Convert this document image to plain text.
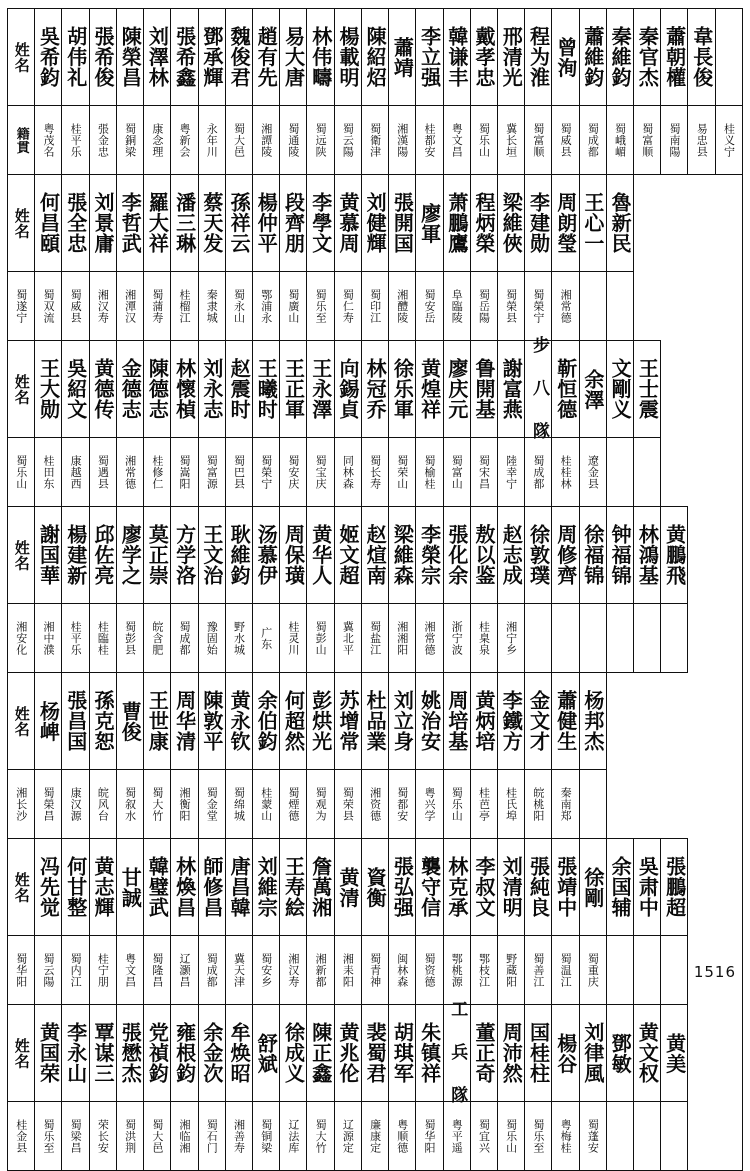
姓名	吳希鈞	胡伟礼	張希俊	陳榮昌	刘澤林	張希鑫	鄧承輝	魏俊君	趙有先	易大唐	林伟疇	楊載明	陳紹炤	蕭靖	李立强	韓谦丰	戴孝忠	邢清光	程为淮	曾洵	蕭維鈞	秦維鈞	秦官杰	蕭朝權	韋長俊	

籍貫	粤茂名	桂平乐	張金忠	蜀銅梁	康念理	粤新会	永年川	蜀大邑	湘譚陵	蜀通陵	蜀远陕	蜀云陽	蜀衛津	湘漢陽	桂都安	粤文昌	蜀乐山	冀长垣	蜀富顺	蜀威县	蜀成都	蜀峨嵋	蜀富顺	蜀南陽	易忠县	桂义宁

姓名	何昌頤	張全忠	刘景庸	李哲武	羅大祥	潘三琳	蔡天发	孫祥云	楊仲平	段齊朋	李學文	黄慕周	刘健輝	張開国	廖軍	萧鵬鷹	程炳榮	梁維俠	李建勋	周朗瑩	王心一	魯新民				

蜀遂宁	蜀双流	蜀威县	湘汉寿	湘潭汉	蜀蒲寿	桂榴江	秦隶城	蜀永山	鄂浦永	蜀廣山	蜀乐至	蜀仁寿	蜀印江	湘醴陵	蜀安岳	阜臨陵	蜀岳陽	蜀榮县	蜀榮宁	湘常德						

姓名	王大勋	吳紹文	黄德传	金德志	陳德志	林懷楨	刘永志	赵震时	王曦时	王正軍	王永澤	向錫貞	林冠乔	徐乐軍	黄煌祥	廖庆元	鲁開基	謝富燕	步 八 隊	靳恒德	余澤	文剛义	王士震			

蜀乐山	桂田东	康越西	蜀遇县	湘常德	桂修仁	蜀嵩阳	蜀富源	蜀巴县	蜀榮宁	蜀安庆	蜀宝庆	同林森	蜀长寿	蜀荣山	蜀榆桂	蜀富山	蜀宋昌	陸幸宁	蜀成都	桂桂林	遼金县					

姓名	謝国華	楊建新	邱佐亮	廖学之	莫正崇	方学洛	王文治	耿維鈞	汤慕伊	周保璜	黄华人	姬文超	赵煊南	梁維森	李榮宗	張化余	敖以鉴	赵志成	徐敦璞	周修齊	徐福锦	钟福锦	林鴻基	黄鵬飛		

湘安化	湘中濮	桂平乐	桂臨桂	蜀彭县	皖含肥	蜀成都	豫固始	野水城	广东	桂灵川	蜀彭山	冀北平	蜀盐江	湘湘阳	湘常德	浙宁波	桂臬泉	湘宁乡								

姓名	杨崥	張昌国	孫克恕	曹俊	王世康	周华清	陳敦平	黄永钦	余伯鈞	何超然	彭烘光	苏增常	杜品業	刘立身	姚治安	周培基	黄炳培	李鐵方	金文才	蕭健生	杨邦杰					

湘长沙	蜀榮昌	康汉源	皖风台	蜀叙水	蜀大竹	湘衡阳	蜀金堂	蜀绵城	桂蒙山	蜀煙德	蜀观为	蜀荣县	湘资德	蜀都安	粤兴学	蜀乐山	桂芭亭	桂氏埠	皖桃阳	秦南郑						

姓名	冯先觉	何甘整	黄志輝	甘誠	韓璧武	林煥昌	師修昌	唐昌韓	刘維宗	王寿絵	詹萬湘	黄清	資衡	張弘强	襲守信	林克承	李叔文	刘清明	張純良	張靖中	徐剛	余国辅	吳肃中	張鵬超		

蜀华阳	蜀云陽	蜀内江	桂宁朋	粤文昌	蜀隆昌	辽灏昌	蜀成都	冀天津	蜀安乡	湘汉寿	湘新都	湘耒阳	蜀青神	闽林森	蜀资德	鄂桃源	鄂枝江	野蔵阳	蜀善江	蜀温江	蜀重庆					

姓名	黄国荣	李永山	覃谋三	張懋杰	党禎鈞	雍根鈞	余金次	牟焕昭	舒斌	徐成义	陳正鑫	黄兆伦	裴蜀君	胡琪军	朱镇祥	工 兵 隊	董正奇	周沛然	国桂柱	楊谷	刘律風	鄧敏	黄文权	黄美		

桂金县	蜀乐至	蜀梁昌	荣长安	蜀洪荆	蜀大邑	湘临湘	蜀石门	湘善寿	蜀铜梁	辽法库	蜀大竹	辽源定	廉康定	粤顺德	蜀华阳	粤平遥	蜀宜兴	蜀乐山	蜀乐至	粤梅桂	蜀蓬安					

1516
